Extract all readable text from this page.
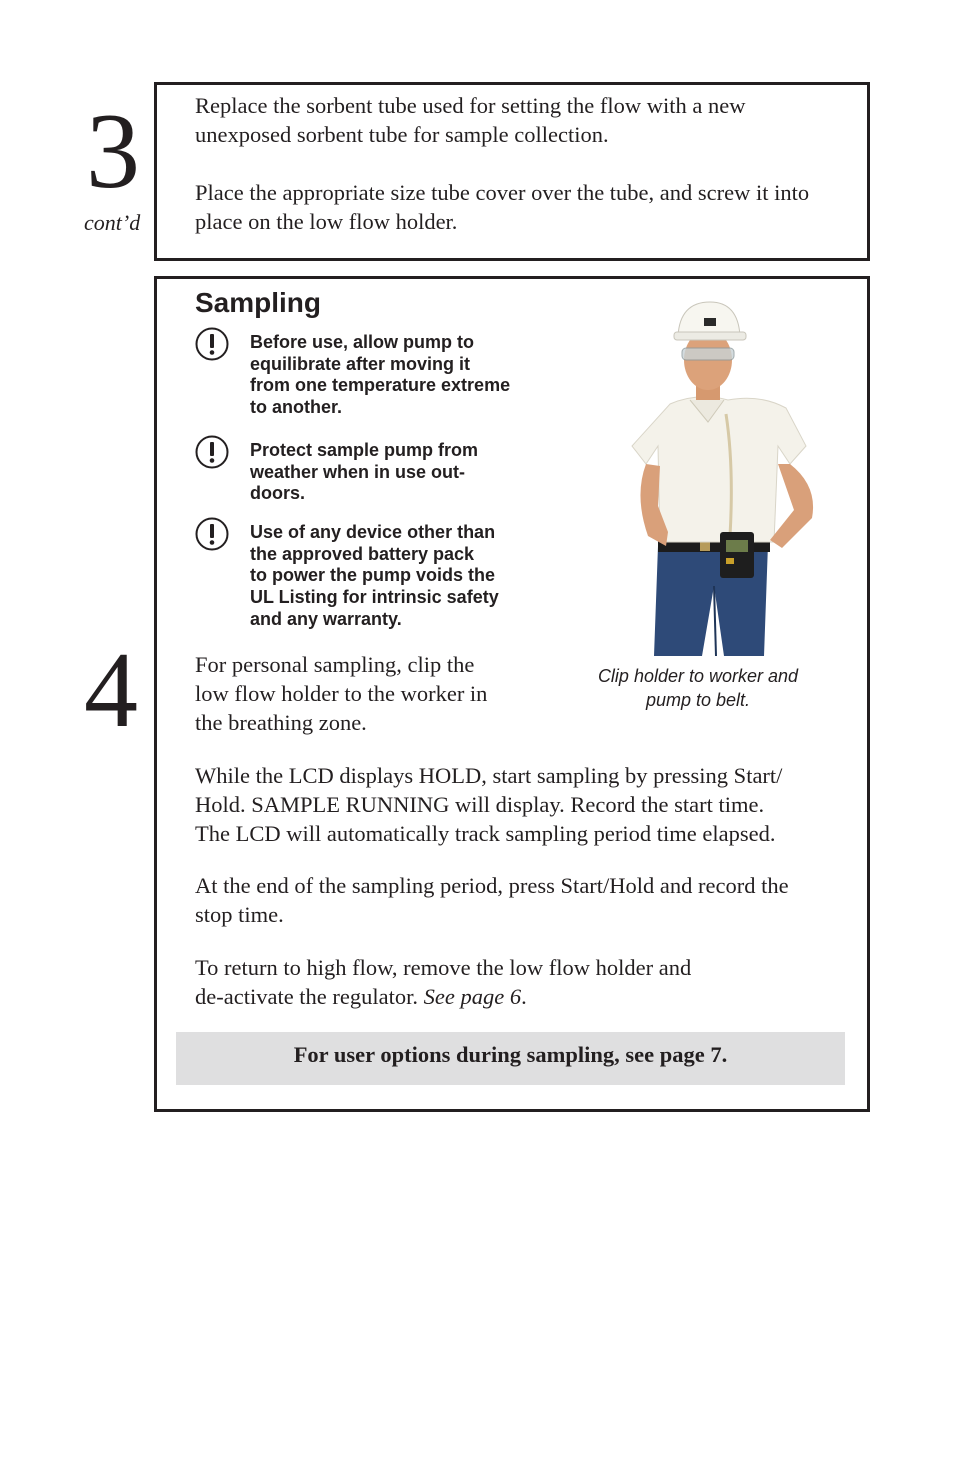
3
cont’d

Replace the sorbent tube used for setting the flow with a new
unexposed sorbent tube for sample collection.

Place the appropriate size tube cover over the tube, and screw it into
place on the low flow holder.

4
Sampling

Before use, allow pump to
equilibrate after moving it
from one temperature extreme
to another.

Protect sample pump from
weather when in use out-
doors.

Use of any device other than
the approved battery pack
to power the pump voids the
UL Listing for intrinsic safety
and any warranty.

Clip holder to worker and
pump to belt.

For personal sampling, clip the
low flow holder to the worker in
the breathing zone.

While the LCD displays HOLD, start sampling by pressing Start/
Hold. SAMPLE RUNNING will display. Record the start time.
The LCD will automatically track sampling period time elapsed.

At the end of the sampling period, press Start/Hold and record the
stop time.

To return to high flow, remove the low flow holder and
de-activate the regulator. See page 6.

For user options during sampling, see page 7.
